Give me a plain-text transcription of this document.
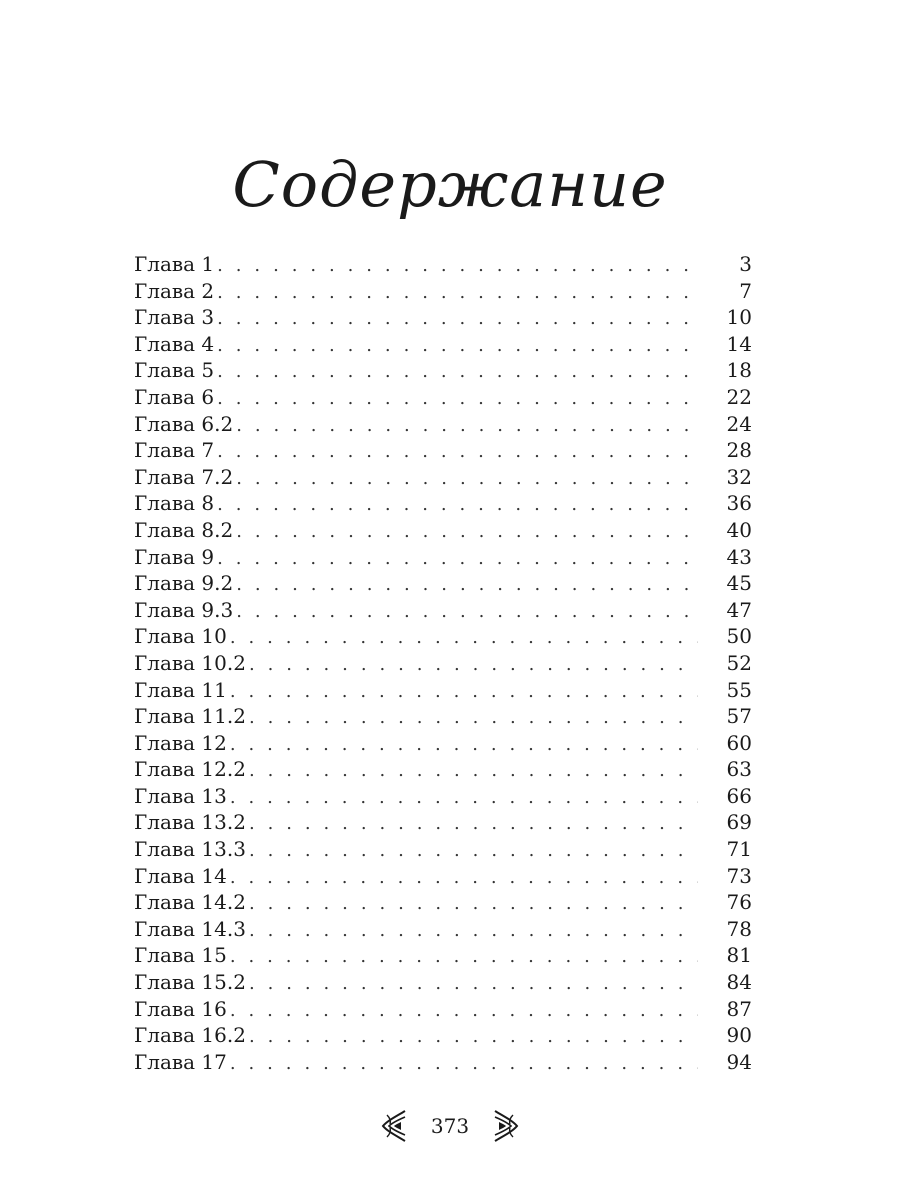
Содержание
Глава 1 . . .	3
Глава 2 . . .	7
Глава 3 . . .	10
Глава 4 . . .	14
Глава 5 . . .	18
Глава 6 . . .	22
Глава 6.2 . . .	24
Глава 7 . . .	28
Глава 7.2 . . .	32
Глава 8 . . .	36
Глава 8.2 . . .	40
Глава 9 . . .	43
Глава 9.2 . . .	45
Глава 9.3 . . .	47
Глава 10 . . .	50
Глава 10.2 . . .	52
Глава 11 . . .	55
Глава 11.2 . . .	57
Глава 12 . . .	60
Глава 12.2 . . .	63
Глава 13 . . .	66
Глава 13.2 . . .	69
Глава 13.3 . . .	71
Глава 14 . . .	73
Глава 14.2 . . .	76
Глава 14.3 . . .	78
Глава 15 . . .	81
Глава 15.2 . . .	84
Глава 16 . . .	87
Глава 16.2 . . .	90
Глава 17 . . .	94
373
